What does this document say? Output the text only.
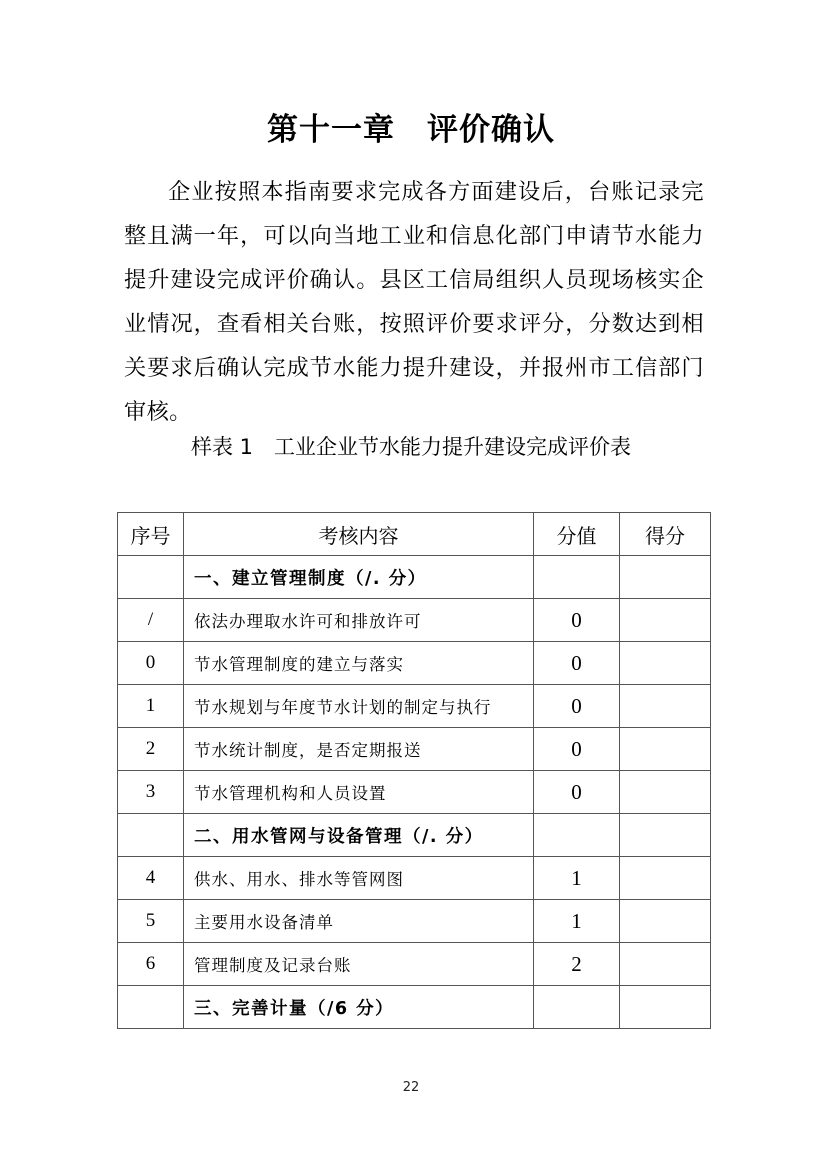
第十一章　评价确认
企业按照本指南要求完成各方面建设后，台账记录完整且满一年，可以向当地工业和信息化部门申请节水能力提升建设完成评价确认。县区工信局组织人员现场核实企业情况，查看相关台账，按照评价要求评分，分数达到相关要求后确认完成节水能力提升建设，并报州市工信部门审核。
样表 1　工业企业节水能力提升建设完成评价表
序号	考核内容	分值	得分
	一、建立管理制度（/. 分）		
/	依法办理取水许可和排放许可	0	
0	节水管理制度的建立与落实	0	
1	节水规划与年度节水计划的制定与执行	0	
2	节水统计制度，是否定期报送	0	
3	节水管理机构和人员设置	0	
	二、用水管网与设备管理（/. 分）		
4	供水、用水、排水等管网图	1	
5	主要用水设备清单	1	
6	管理制度及记录台账	2	
	三、完善计量（/6 分）		
22
